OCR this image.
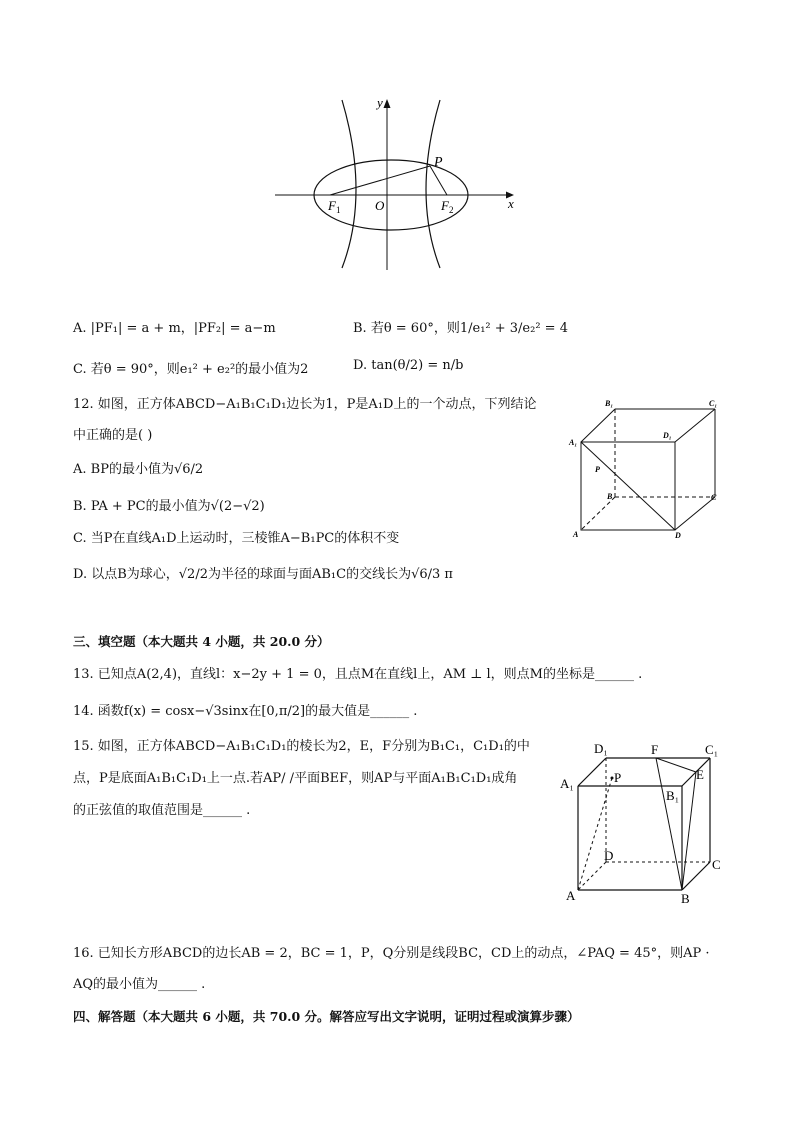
y
x
P
F 1	O	F 2
A. |PF₁| = a + m，|PF₂| = a−m	B. 若θ = 60°，则1/e₁² + 3/e₂² = 4
C. 若θ = 90°，则e₁² + e₂²的最小值为2	D. tan(θ/2) = n/b
12. 如图，正方体ABCD−A₁B₁C₁D₁边长为1，P是A₁D上的一个动点，下列结论
中正确的是( )
A. BP的最小值为√6/2
B. PA + PC的最小值为√(2−√2)
C. 当P在直线A₁D上运动时，三棱锥A−B₁PC的体积不变
D. 以点B为球心，√2/2为半径的球面与面AB₁C的交线长为√6/3 π
B₁	C₁
D₁
A₁
P
B	C
A	D
三、填空题（本大题共 4 小题，共 20.0 分）
13. 已知点A(2,4)，直线l：x−2y + 1 = 0，且点M在直线l上，AM ⊥ l，则点M的坐标是______ .
14. 函数f(x) = cosx−√3sinx在[0,π/2]的最大值是______ .
15. 如图，正方体ABCD−A₁B₁C₁D₁的棱长为2，E，F分别为B₁C₁，C₁D₁的中
点，P是底面A₁B₁C₁D₁上一点.若AP/ /平面BEF，则AP与平面A₁B₁C₁D₁成角
的正弦值的取值范围是______ .
D₁	F	C₁
A₁	P	E
B₁
D
C
A	B
16. 已知长方形ABCD的边长AB = 2，BC = 1，P，Q分别是线段BC，CD上的动点，∠PAQ = 45°，则AP ·
AQ的最小值为______ .
四、解答题（本大题共 6 小题，共 70.0 分。解答应写出文字说明，证明过程或演算步骤）
